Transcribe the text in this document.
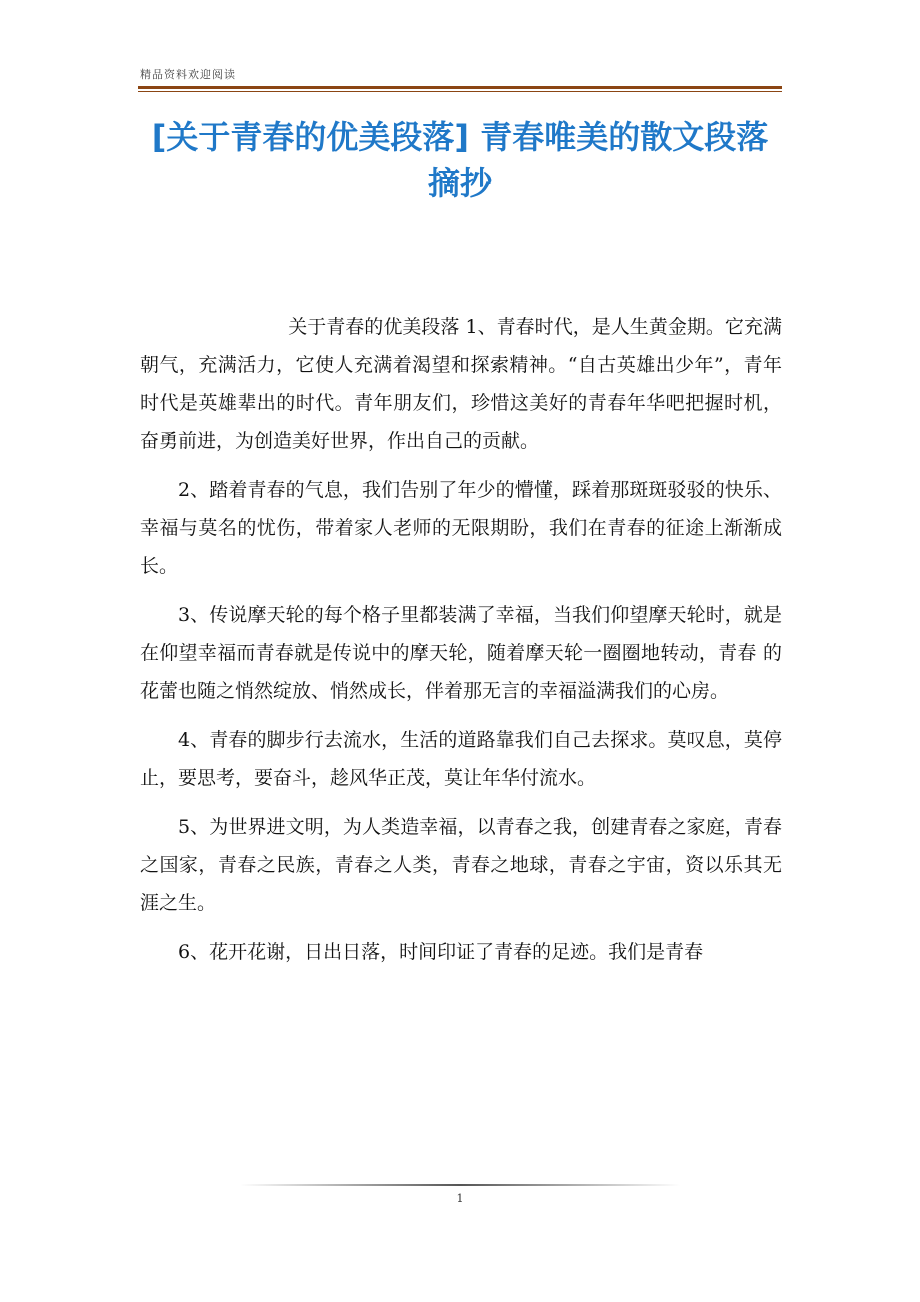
精品资料欢迎阅读
[关于青春的优美段落] 青春唯美的散文段落摘抄

关于青春的优美段落 1、青春时代，是人生黄金期。它充满朝气，充满活力，它使人充满着渴望和探索精神。“自古英雄出少年”，青年时代是英雄辈出的时代。青年朋友们，珍惜这美好的青春年华吧把握时机，奋勇前进，为创造美好世界，作出自己的贡献。

2、踏着青春的气息，我们告别了年少的懵懂，踩着那斑斑驳驳的快乐、幸福与莫名的忧伤，带着家人老师的无限期盼，我们在青春的征途上渐渐成长。

3、传说摩天轮的每个格子里都装满了幸福，当我们仰望摩天轮时，就是在仰望幸福而青春就是传说中的摩天轮，随着摩天轮一圈圈地转动，青春 的花蕾也随之悄然绽放、悄然成长，伴着那无言的幸福溢满我们的心房。

4、青春的脚步行去流水，生活的道路靠我们自己去探求。莫叹息，莫停止，要思考，要奋斗，趁风华正茂，莫让年华付流水。

5、为世界进文明，为人类造幸福，以青春之我，创建青春之家庭，青春之国家，青春之民族，青春之人类，青春之地球，青春之宇宙，资以乐其无涯之生。

6、花开花谢，日出日落，时间印证了青春的足迹。我们是青春

1
